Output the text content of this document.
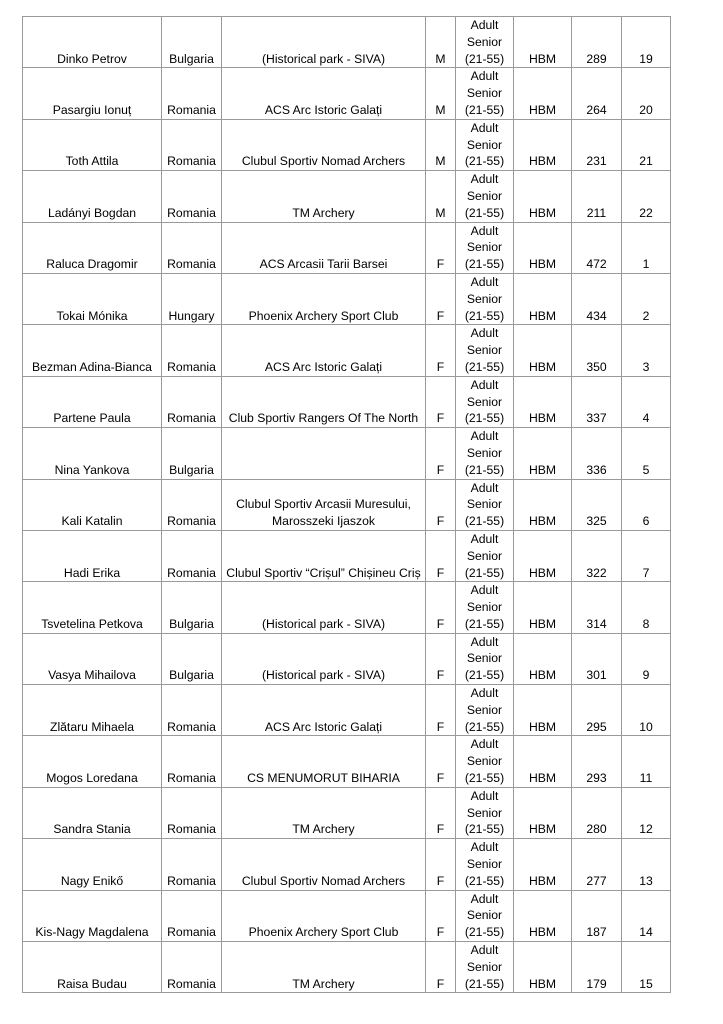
Dinko Petrov	Bulgaria	(Historical park - SIVA)	M	Adult
Senior
(21-55)	HBM	289	19
Pasargiu Ionuț	Romania	ACS Arc Istoric Galați	M	Adult
Senior
(21-55)	HBM	264	20
Toth Attila	Romania	Clubul Sportiv Nomad Archers	M	Adult
Senior
(21-55)	HBM	231	21
Ladányi Bogdan	Romania	TM Archery	M	Adult
Senior
(21-55)	HBM	211	22
Raluca Dragomir	Romania	ACS Arcasii Tarii Barsei	F	Adult
Senior
(21-55)	HBM	472	1
Tokai Mónika	Hungary	Phoenix Archery Sport Club	F	Adult
Senior
(21-55)	HBM	434	2
Bezman Adina-Bianca	Romania	ACS Arc Istoric Galați	F	Adult
Senior
(21-55)	HBM	350	3
Partene Paula	Romania	Club Sportiv Rangers Of The North	F	Adult
Senior
(21-55)	HBM	337	4
Nina Yankova	Bulgaria		F	Adult
Senior
(21-55)	HBM	336	5
Kali Katalin	Romania	Clubul Sportiv Arcasii Muresului,
Marosszeki Ijaszok	F	Adult
Senior
(21-55)	HBM	325	6
Hadi Erika	Romania	Clubul Sportiv “Crișul” Chișineu Criș	F	Adult
Senior
(21-55)	HBM	322	7
Tsvetelina Petkova	Bulgaria	(Historical park - SIVA)	F	Adult
Senior
(21-55)	HBM	314	8
Vasya Mihailova	Bulgaria	(Historical park - SIVA)	F	Adult
Senior
(21-55)	HBM	301	9
Zlătaru Mihaela	Romania	ACS Arc Istoric Galați	F	Adult
Senior
(21-55)	HBM	295	10
Mogos Loredana	Romania	CS MENUMORUT BIHARIA	F	Adult
Senior
(21-55)	HBM	293	11
Sandra Stania	Romania	TM Archery	F	Adult
Senior
(21-55)	HBM	280	12
Nagy Enikő	Romania	Clubul Sportiv Nomad Archers	F	Adult
Senior
(21-55)	HBM	277	13
Kis-Nagy Magdalena	Romania	Phoenix Archery Sport Club	F	Adult
Senior
(21-55)	HBM	187	14
Raisa Budau	Romania	TM Archery	F	Adult
Senior
(21-55)	HBM	179	15
